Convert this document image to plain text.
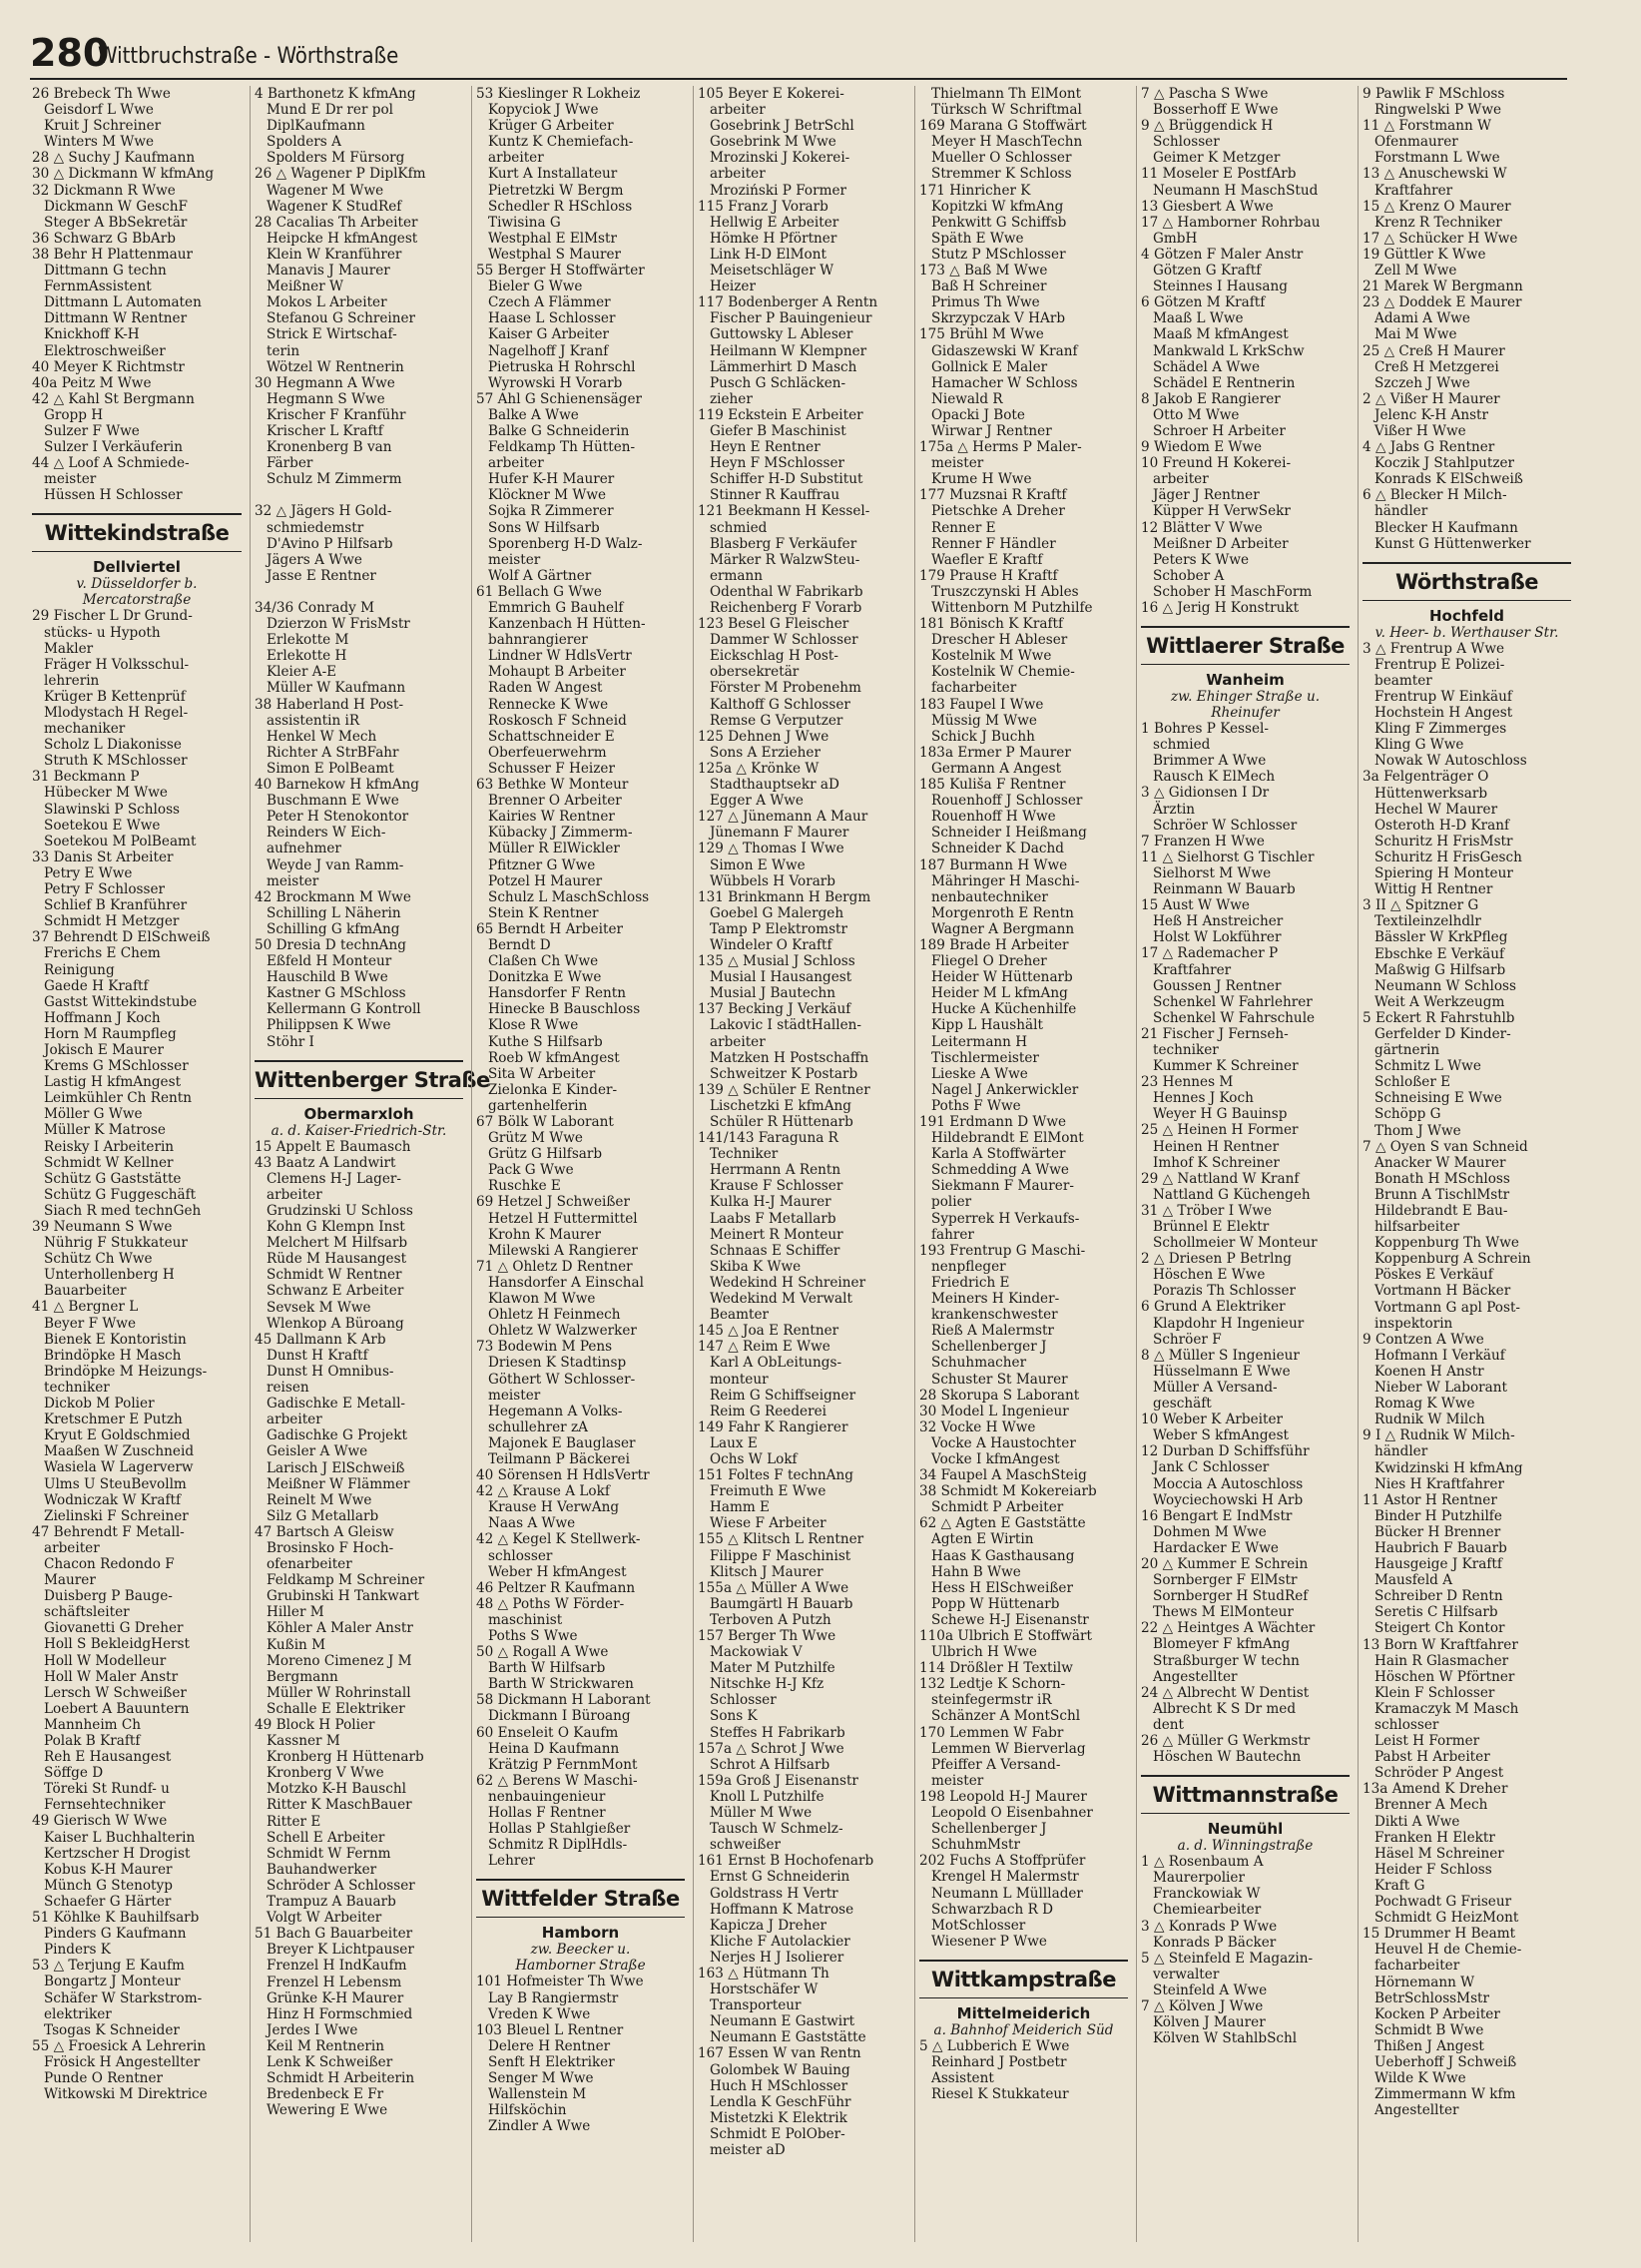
280
Wittbruchstraße - Wörthstraße
26 Brebeck Th Wwe
Geisdorf L Wwe
Kruit J Schreiner
Winters M Wwe
28 △ Suchy J Kaufmann
30 △ Dickmann W kfmAng
32 Dickmann R Wwe
Dickmann W GeschF
Steger A BbSekretär
36 Schwarz G BbArb
38 Behr H Plattenmaur
Dittmann G techn
FernmAssistent
Dittmann L Automaten
Dittmann W Rentner
Knickhoff K-H
Elektroschweißer
40 Meyer K Richtmstr
40a Peitz M Wwe
42 △ Kahl St Bergmann
Gropp H
Sulzer F Wwe
Sulzer I Verkäuferin
44 △ Loof A Schmiede-
meister
Hüssen H Schlosser
Wittekindstraße
Dellviertel
v. Düsseldorfer b.
Mercatorstraße
29 Fischer L Dr Grund-
stücks- u Hypoth
Makler
Fräger H Volksschul-
lehrerin
Krüger B Kettenprüf
Mlodystach H Regel-
mechaniker
Scholz L Diakonisse
Struth K MSchlosser
31 Beckmann P
Hübecker M Wwe
Slawinski P Schloss
Soetekou E Wwe
Soetekou M PolBeamt
33 Danis St Arbeiter
Petry E Wwe
Petry F Schlosser
Schlief B Kranführer
Schmidt H Metzger
37 Behrendt D ElSchweiß
Frerichs E Chem
Reinigung
Gaede H Kraftf
Gastst Wittekindstube
Hoffmann J Koch
Horn M Raumpfleg
Jokisch E Maurer
Krems G MSchlosser
Lastig H kfmAngest
Leimkühler Ch Rentn
Möller G Wwe
Müller K Matrose
Reisky I Arbeiterin
Schmidt W Kellner
Schütz G Gaststätte
Schütz G Fuggeschäft
Siach R med technGeh
39 Neumann S Wwe
Nührig F Stukkateur
Schütz Ch Wwe
Unterhollenberg H
Bauarbeiter
41 △ Bergner L
Beyer F Wwe
Bienek E Kontoristin
Brindöpke H Masch
Brindöpke M Heizungs-
techniker
Dickob M Polier
Kretschmer E Putzh
Kryut E Goldschmied
Maaßen W Zuschneid
Wasiela W Lagerverw
Ulms U SteuBevollm
Wodniczak W Kraftf
Zielinski F Schreiner
47 Behrendt F Metall-
arbeiter
Chacon Redondo F
Maurer
Duisberg P Bauge-
schäftsleiter
Giovanetti G Dreher
Holl S BekleidgHerst
Holl W Modelleur
Holl W Maler Anstr
Lersch W Schweißer
Loebert A Bauuntern
Mannheim Ch
Polak B Kraftf
Reh E Hausangest
Söffge D
Töreki St Rundf- u
Fernsehtechniker
49 Gierisch W Wwe
Kaiser L Buchhalterin
Kertzscher H Drogist
Kobus K-H Maurer
Münch G Stenotyp
Schaefer G Härter
51 Köhlke K Bauhilfsarb
Pinders G Kaufmann
Pinders K
53 △ Terjung E Kaufm
Bongartz J Monteur
Schäfer W Starkstrom-
elektriker
Tsogas K Schneider
55 △ Froesick A Lehrerin
Frösick H Angestellter
Punde O Rentner
Witkowski M Direktrice
4 Barthonetz K kfmAng
Mund E Dr rer pol
DiplKaufmann
Spolders A
Spolders M Fürsorg
26 △ Wagener P DiplKfm
Wagener M Wwe
Wagener K StudRef
28 Cacalias Th Arbeiter
Heipcke H kfmAngest
Klein W Kranführer
Manavis J Maurer
Meißner W
Mokos L Arbeiter
Stefanou G Schreiner
Strick E Wirtschaf-
terin
Wötzel W Rentnerin
30 Hegmann A Wwe
Hegmann S Wwe
Krischer F Kranführ
Krischer L Kraftf
Kronenberg B van
Färber
Schulz M Zimmerm

32 △ Jägers H Gold-
schmiedemstr
D'Avino P Hilfsarb
Jägers A Wwe
Jasse E Rentner

34/36 Conrady M
Dzierzon W FrisMstr
Erlekotte M
Erlekotte H
Kleier A-E
Müller W Kaufmann
38 Haberland H Post-
assistentin iR
Henkel W Mech
Richter A StrBFahr
Simon E PolBeamt
40 Barnekow H kfmAng
Buschmann E Wwe
Peter H Stenokontor
Reinders W Eich-
aufnehmer
Weyde J van Ramm-
meister
42 Brockmann M Wwe
Schilling L Näherin
Schilling G kfmAng
50 Dresia D technAng
Eßfeld H Monteur
Hauschild B Wwe
Kastner G MSchloss
Kellermann G Kontroll
Philippsen K Wwe
Stöhr I
Wittenberger Straße
Obermarxloh
a. d. Kaiser-Friedrich-Str.
15 Appelt E Baumasch
43 Baatz A Landwirt
Clemens H-J Lager-
arbeiter
Grudzinski U Schloss
Kohn G Klempn Inst
Melchert M Hilfsarb
Rüde M Hausangest
Schmidt W Rentner
Schwanz E Arbeiter
Sevsek M Wwe
Wlenkop A Büroang
45 Dallmann K Arb
Dunst H Kraftf
Dunst H Omnibus-
reisen
Gadischke E Metall-
arbeiter
Gadischke G Projekt
Geisler A Wwe
Larisch J ElSchweiß
Meißner W Flämmer
Reinelt M Wwe
Silz G Metallarb
47 Bartsch A Gleisw
Brosinsko F Hoch-
ofenarbeiter
Feldkamp M Schreiner
Grubinski H Tankwart
Hiller M
Köhler A Maler Anstr
Kußin M
Moreno Cimenez J M
Bergmann
Müller W Rohrinstall
Schalle E Elektriker
49 Block H Polier
Kassner M
Kronberg H Hüttenarb
Kronberg V Wwe
Motzko K-H Bauschl
Ritter K MaschBauer
Ritter E
Schell E Arbeiter
Schmidt W Fernm
Bauhandwerker
Schröder A Schlosser
Trampuz A Bauarb
Volgt W Arbeiter
51 Bach G Bauarbeiter
Breyer K Lichtpauser
Frenzel H IndKaufm
Frenzel H Lebensm
Grünke K-H Maurer
Hinz H Formschmied
Jerdes I Wwe
Keil M Rentnerin
Lenk K Schweißer
Schmidt H Arbeiterin
Bredenbeck E Fr
Wewering E Wwe
53 Kieslinger R Lokheiz
Kopyciok J Wwe
Krüger G Arbeiter
Kuntz K Chemiefach-
arbeiter
Kurt A Installateur
Pietretzki W Bergm
Schedler R HSchloss
Tiwisina G
Westphal E ElMstr
Westphal S Maurer
55 Berger H Stoffwärter
Bieler G Wwe
Czech A Flämmer
Haase L Schlosser
Kaiser G Arbeiter
Nagelhoff J Kranf
Pietruska H Rohrschl
Wyrowski H Vorarb
57 Ahl G Schienensäger
Balke A Wwe
Balke G Schneiderin
Feldkamp Th Hütten-
arbeiter
Hufer K-H Maurer
Klöckner M Wwe
Sojka R Zimmerer
Sons W Hilfsarb
Sporenberg H-D Walz-
meister
Wolf A Gärtner
61 Bellach G Wwe
Emmrich G Bauhelf
Kanzenbach H Hütten-
bahnrangierer
Lindner W HdlsVertr
Mohaupt B Arbeiter
Raden W Angest
Rennecke K Wwe
Roskosch F Schneid
Schattschneider E
Oberfeuerwehrm
Schusser F Heizer
63 Bethke W Monteur
Brenner O Arbeiter
Kairies W Rentner
Kübacky J Zimmerm-
Müller R ElWickler
Pfitzner G Wwe
Potzel H Maurer
Schulz L MaschSchloss
Stein K Rentner
65 Berndt H Arbeiter
Berndt D
Claßen Ch Wwe
Donitzka E Wwe
Hansdorfer F Rentn
Hinecke B Bauschloss
Klose R Wwe
Kuthe S Hilfsarb
Roeb W kfmAngest
Sita W Arbeiter
Zielonka E Kinder-
gartenhelferin
67 Bölk W Laborant
Grütz M Wwe
Grütz G Hilfsarb
Pack G Wwe
Ruschke E
69 Hetzel J Schweißer
Hetzel H Futtermittel
Krohn K Maurer
Milewski A Rangierer
71 △ Ohletz D Rentner
Hansdorfer A Einschal
Klawon M Wwe
Ohletz H Feinmech
Ohletz W Walzwerker
73 Bodewin M Pens
Driesen K Stadtinsp
Göthert W Schlosser-
meister
Hegemann A Volks-
schullehrer zA
Majonek E Bauglaser
Teilmann P Bäckerei
40 Sörensen H HdlsVertr
42 △ Krause A Lokf
Krause H VerwAng
Naas A Wwe
42 △ Kegel K Stellwerk-
schlosser
Weber H kfmAngest
46 Peltzer R Kaufmann
48 △ Poths W Förder-
maschinist
Poths S Wwe
50 △ Rogall A Wwe
Barth W Hilfsarb
Barth W Strickwaren
58 Dickmann H Laborant
Dickmann I Büroang
60 Enseleit O Kaufm
Heina D Kaufmann
Krätzig P FernmMont
62 △ Berens W Maschi-
nenbauingenieur
Hollas F Rentner
Hollas P Stahlgießer
Schmitz R DiplHdls-
Lehrer
Wittfelder Straße
Hamborn
zw. Beecker u.
Hamborner Straße
101 Hofmeister Th Wwe
Lay B Rangiermstr
Vreden K Wwe
103 Bleuel L Rentner
Delere H Rentner
Senft H Elektriker
Senger M Wwe
Wallenstein M
Hilfsköchin
Zindler A Wwe
105 Beyer E Kokerei-
arbeiter
Gosebrink J BetrSchl
Gosebrink M Wwe
Mrozinski J Kokerei-
arbeiter
Mroziński P Former
115 Franz J Vorarb
Hellwig E Arbeiter
Hömke H Pförtner
Link H-D ElMont
Meisetschläger W
Heizer
117 Bodenberger A Rentn
Fischer P Bauingenieur
Guttowsky L Ableser
Heilmann W Klempner
Lämmerhirt D Masch
Pusch G Schläcken-
zieher
119 Eckstein E Arbeiter
Giefer B Maschinist
Heyn E Rentner
Heyn F MSchlosser
Schiffer H-D Substitut
Stinner R Kauffrau
121 Beekmann H Kessel-
schmied
Blasberg F Verkäufer
Märker R WalzwSteu-
ermann
Odenthal W Fabrikarb
Reichenberg F Vorarb
123 Besel G Fleischer
Dammer W Schlosser
Eickschlag H Post-
obersekretär
Förster M Probenehm
Kalthoff G Schlosser
Remse G Verputzer
125 Dehnen J Wwe
Sons A Erzieher
125a △ Krönke W
Stadthauptsekr aD
Egger A Wwe
127 △ Jünemann A Maur
Jünemann F Maurer
129 △ Thomas I Wwe
Simon E Wwe
Wübbels H Vorarb
131 Brinkmann H Bergm
Goebel G Malergeh
Tamp P Elektromstr
Windeler O Kraftf
135 △ Musial J Schloss
Musial I Hausangest
Musial J Bautechn
137 Becking J Verkäuf
Lakovic I städtHallen-
arbeiter
Matzken H Postschaffn
Schweitzer K Postarb
139 △ Schüler E Rentner
Lischetzki E kfmAng
Schüler R Hüttenarb
141/143 Faraguna R
Techniker
Herrmann A Rentn
Krause F Schlosser
Kulka H-J Maurer
Laabs F Metallarb
Meinert R Monteur
Schnaas E Schiffer
Skiba K Wwe
Wedekind H Schreiner
Wedekind M Verwalt
Beamter
145 △ Joa E Rentner
147 △ Reim E Wwe
Karl A ObLeitungs-
monteur
Reim G Schiffseigner
Reim G Reederei
149 Fahr K Rangierer
Laux E
Ochs W Lokf
151 Foltes F technAng
Freimuth E Wwe
Hamm E
Wiese F Arbeiter
155 △ Klitsch L Rentner
Filippe F Maschinist
Klitsch J Maurer
155a △ Müller A Wwe
Baumgärtl H Bauarb
Terboven A Putzh
157 Berger Th Wwe
Mackowiak V
Mater M Putzhilfe
Nitschke H-J Kfz
Schlosser
Sons K
Steffes H Fabrikarb
157a △ Schrot J Wwe
Schrot A Hilfsarb
159a Groß J Eisenanstr
Knoll L Putzhilfe
Müller M Wwe
Tausch W Schmelz-
schweißer
161 Ernst B Hochofenarb
Ernst G Schneiderin
Goldstrass H Vertr
Hoffmann K Matrose
Kapicza J Dreher
Kliche F Autolackier
Nerjes H J Isolierer
163 △ Hütmann Th
Horstschäfer W
Transporteur
Neumann E Gastwirt
Neumann E Gaststätte
167 Essen W van Rentn
Golombek W Bauing
Huch H MSchlosser
Lendla K GeschFühr
Mistetzki K Elektrik
Schmidt E PolOber-
meister aD
Thielmann Th ElMont
Türksch W Schriftmal
169 Marana G Stoffwärt
Meyer H MaschTechn
Mueller O Schlosser
Stremmer K Schloss
171 Hinricher K
Kopitzki W kfmAng
Penkwitt G Schiffsb
Späth E Wwe
Stutz P MSchlosser
173 △ Baß M Wwe
Baß H Schreiner
Primus Th Wwe
Skrzypczak V HArb
175 Brühl M Wwe
Gidaszewski W Kranf
Gollnick E Maler
Hamacher W Schloss
Niewald R
Opacki J Bote
Wirwar J Rentner
175a △ Herms P Maler-
meister
Krume H Wwe
177 Muzsnai R Kraftf
Pietschke A Dreher
Renner E
Renner F Händler
Waefler E Kraftf
179 Prause H Kraftf
Truszczynski H Ables
Wittenborn M Putzhilfe
181 Bönisch K Kraftf
Drescher H Ableser
Kostelnik M Wwe
Kostelnik W Chemie-
facharbeiter
183 Faupel I Wwe
Müssig M Wwe
Schick J Buchh
183a Ermer P Maurer
Germann A Angest
185 Kuliša F Rentner
Rouenhoff J Schlosser
Rouenhoff H Wwe
Schneider I Heißmang
Schneider K Dachd
187 Burmann H Wwe
Mähringer H Maschi-
nenbautechniker
Morgenroth E Rentn
Wagner A Bergmann
189 Brade H Arbeiter
Fliegel O Dreher
Heider W Hüttenarb
Heider M L kfmAng
Hucke A Küchenhilfe
Kipp L Haushält
Leitermann H
Tischlermeister
Lieske A Wwe
Nagel J Ankerwickler
Poths F Wwe
191 Erdmann D Wwe
Hildebrandt E ElMont
Karla A Stoffwärter
Schmedding A Wwe
Siekmann F Maurer-
polier
Syperrek H Verkaufs-
fahrer
193 Frentrup G Maschi-
nenpfleger
Friedrich E
Meiners H Kinder-
krankenschwester
Rieß A Malermstr
Schellenberger J
Schuhmacher
Schuster St Maurer
28 Skorupa S Laborant
30 Model L Ingenieur
32 Vocke H Wwe
Vocke A Haustochter
Vocke I kfmAngest
34 Faupel A MaschSteig
38 Schmidt M Kokereiarb
Schmidt P Arbeiter
62 △ Agten E Gaststätte
Agten E Wirtin
Haas K Gasthausang
Hahn B Wwe
Hess H ElSchweißer
Popp W Hüttenarb
Schewe H-J Eisenanstr
110a Ulbrich E Stoffwärt
Ulbrich H Wwe
114 Drößler H Textilw
132 Ledtje K Schorn-
steinfegermstr iR
Schänzer A MontSchl
170 Lemmen W Fabr
Lemmen W Bierverlag
Pfeiffer A Versand-
meister
198 Leopold H-J Maurer
Leopold O Eisenbahner
Schellenberger J
SchuhmMstr
202 Fuchs A Stoffprüfer
Krengel H Malermstr
Neumann L Mülllader
Schwarzbach R D
MotSchlosser
Wiesener P Wwe
Wittkampstraße
Mittelmeiderich
a. Bahnhof Meiderich Süd
5 △ Lubberich E Wwe
Reinhard J Postbetr
Assistent
Riesel K Stukkateur
7 △ Pascha S Wwe
Bosserhoff E Wwe
9 △ Brüggendick H
Schlosser
Geimer K Metzger
11 Moseler E PostfArb
Neumann H MaschStud
13 Giesbert A Wwe
17 △ Hamborner Rohrbau
GmbH
4 Götzen F Maler Anstr
Götzen G Kraftf
Steinnes I Hausang
6 Götzen M Kraftf
Maaß L Wwe
Maaß M kfmAngest
Mankwald L KrkSchw
Schädel A Wwe
Schädel E Rentnerin
8 Jakob E Rangierer
Otto M Wwe
Schroer H Arbeiter
9 Wiedom E Wwe
10 Freund H Kokerei-
arbeiter
Jäger J Rentner
Küpper H VerwSekr
12 Blätter V Wwe
Meißner D Arbeiter
Peters K Wwe
Schober A
Schober H MaschForm
16 △ Jerig H Konstrukt
Wittlaerer Straße
Wanheim
zw. Ehinger Straße u.
Rheinufer
1 Bohres P Kessel-
schmied
Brimmer A Wwe
Rausch K ElMech
3 △ Gidionsen I Dr
Ärztin
Schröer W Schlosser
7 Franzen H Wwe
11 △ Sielhorst G Tischler
Sielhorst M Wwe
Reinmann W Bauarb
15 Aust W Wwe
Heß H Anstreicher
Holst W Lokführer
17 △ Rademacher P
Kraftfahrer
Goussen J Rentner
Schenkel W Fahrlehrer
Schenkel W Fahrschule
21 Fischer J Fernseh-
techniker
Kummer K Schreiner
23 Hennes M
Hennes J Koch
Weyer H G Bauinsp
25 △ Heinen H Former
Heinen H Rentner
Imhof K Schreiner
29 △ Nattland W Kranf
Nattland G Küchengeh
31 △ Tröber I Wwe
Brünnel E Elektr
Schollmeier W Monteur
2 △ Driesen P Betrlng
Höschen E Wwe
Porazis Th Schlosser
6 Grund A Elektriker
Klapdohr H Ingenieur
Schröer F
8 △ Müller S Ingenieur
Hüsselmann E Wwe
Müller A Versand-
geschäft
10 Weber K Arbeiter
Weber S kfmAngest
12 Durban D Schiffsführ
Jank C Schlosser
Moccia A Autoschloss
Woyciechowski H Arb
16 Bengart E IndMstr
Dohmen M Wwe
Hardacker E Wwe
20 △ Kummer E Schrein
Sornberger F ElMstr
Sornberger H StudRef
Thews M ElMonteur
22 △ Heintges A Wächter
Blomeyer F kfmAng
Straßburger W techn
Angestellter
24 △ Albrecht W Dentist
Albrecht K S Dr med
dent
26 △ Müller G Werkmstr
Höschen W Bautechn
Wittmannstraße
Neumühl
a. d. Winningstraße
1 △ Rosenbaum A
Maurerpolier
Franckowiak W
Chemiearbeiter
3 △ Konrads P Wwe
Konrads P Bäcker
5 △ Steinfeld E Magazin-
verwalter
Steinfeld A Wwe
7 △ Kölven J Wwe
Kölven J Maurer
Kölven W StahlbSchl
9 Pawlik F MSchloss
Ringwelski P Wwe
11 △ Forstmann W
Ofenmaurer
Forstmann L Wwe
13 △ Anuschewski W
Kraftfahrer
15 △ Krenz O Maurer
Krenz R Techniker
17 △ Schücker H Wwe
19 Güttler K Wwe
Zell M Wwe
21 Marek W Bergmann
23 △ Doddek E Maurer
Adami A Wwe
Mai M Wwe
25 △ Creß H Maurer
Creß H Metzgerei
Szczeh J Wwe
2 △ Vißer H Maurer
Jelenc K-H Anstr
Vißer H Wwe
4 △ Jabs G Rentner
Koczik J Stahlputzer
Konrads K ElSchweiß
6 △ Blecker H Milch-
händler
Blecker H Kaufmann
Kunst G Hüttenwerker
Wörthstraße
Hochfeld
v. Heer- b. Werthauser Str.
3 △ Frentrup A Wwe
Frentrup E Polizei-
beamter
Frentrup W Einkäuf
Hochstein H Angest
Kling F Zimmerges
Kling G Wwe
Nowak W Autoschloss
3a Felgenträger O
Hüttenwerksarb
Hechel W Maurer
Osteroth H-D Kranf
Schuritz H FrisMstr
Schuritz H FrisGesch
Spiering H Monteur
Wittig H Rentner
3 II △ Spitzner G
Textileinzelhdlr
Bässler W KrkPfleg
Ebschke E Verkäuf
Maßwig G Hilfsarb
Neumann W Schloss
Weit A Werkzeugm
5 Eckert R Fahrstuhlb
Gerfelder D Kinder-
gärtnerin
Schmitz L Wwe
Schloßer E
Schneising E Wwe
Schöpp G
Thom J Wwe
7 △ Oyen S van Schneid
Anacker W Maurer
Bonath H MSchloss
Brunn A TischlMstr
Hildebrandt E Bau-
hilfsarbeiter
Koppenburg Th Wwe
Koppenburg A Schrein
Pöskes E Verkäuf
Vortmann H Bäcker
Vortmann G apl Post-
inspektorin
9 Contzen A Wwe
Hofmann I Verkäuf
Koenen H Anstr
Nieber W Laborant
Romag K Wwe
Rudnik W Milch
9 I △ Rudnik W Milch-
händler
Kwidzinski H kfmAng
Nies H Kraftfahrer
11 Astor H Rentner
Binder H Putzhilfe
Bücker H Brenner
Haubrich F Bauarb
Hausgeige J Kraftf
Mausfeld A
Schreiber D Rentn
Seretis C Hilfsarb
Steigert Ch Kontor
13 Born W Kraftfahrer
Hain R Glasmacher
Höschen W Pförtner
Klein F Schlosser
Kramaczyk M Masch
schlosser
Leist H Former
Pabst H Arbeiter
Schröder P Angest
13a Amend K Dreher
Brenner A Mech
Dikti A Wwe
Franken H Elektr
Häsel M Schreiner
Heider F Schloss
Kraft G
Pochwadt G Friseur
Schmidt G HeizMont
15 Drummer H Beamt
Heuvel H de Chemie-
facharbeiter
Hörnemann W
BetrSchlossMstr
Kocken P Arbeiter
Schmidt B Wwe
Thißen J Angest
Ueberhoff J Schweiß
Wilde K Wwe
Zimmermann W kfm
Angestellter
